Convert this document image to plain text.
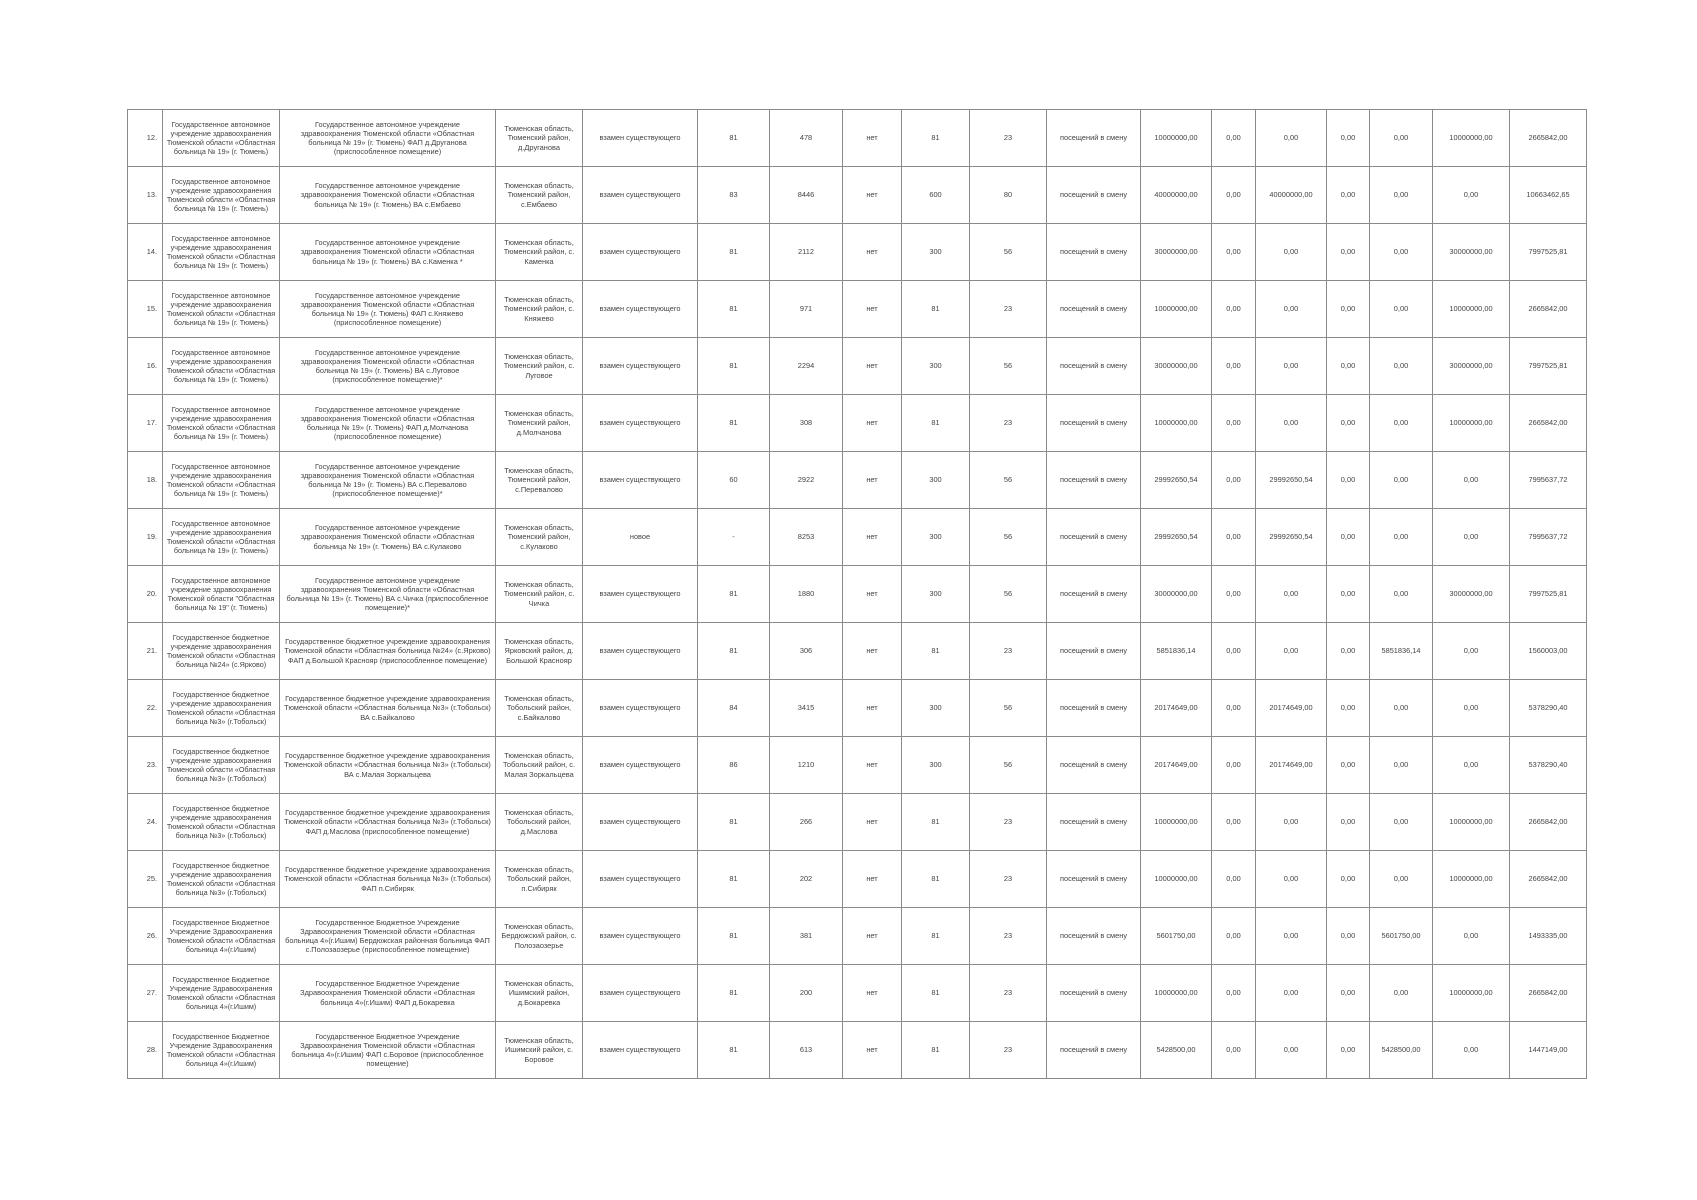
12.	Государственное автономное учреждение здравоохранения Тюменской области «Областная больница № 19» (г. Тюмень)	Государственное автономное учреждение здравоохранения Тюменской области «Областная больница № 19» (г. Тюмень) ФАП д.Друганова (приспособленное помещение)	Тюменская область, Тюменский район, д.Друганова	взамен существующего	81	478	нет	81	23	посещений в смену	10000000,00	0,00	0,00	0,00	0,00	10000000,00	2665842,00
13.	Государственное автономное учреждение здравоохранения Тюменской области «Областная больница № 19» (г. Тюмень)	Государственное автономное учреждение здравоохранения Тюменской области «Областная больница № 19» (г. Тюмень) ВА с.Ембаево	Тюменская область, Тюменский район, с.Ембаево	взамен существующего	83	8446	нет	600	80	посещений в смену	40000000,00	0,00	40000000,00	0,00	0,00	0,00	10663462,65
14.	Государственное автономное учреждение здравоохранения Тюменской области «Областная больница № 19» (г. Тюмень)	Государственное автономное учреждение здравоохранения Тюменской области «Областная больница № 19» (г. Тюмень) ВА с.Каменка *	Тюменская область, Тюменский район, с. Каменка	взамен существующего	81	2112	нет	300	56	посещений в смену	30000000,00	0,00	0,00	0,00	0,00	30000000,00	7997525,81
15.	Государственное автономное учреждение здравоохранения Тюменской области «Областная больница № 19» (г. Тюмень)	Государственное автономное учреждение здравоохранения Тюменской области «Областная больница № 19» (г. Тюмень) ФАП с.Княжево (приспособленное помещение)	Тюменская область, Тюменский район, с. Княжево	взамен существующего	81	971	нет	81	23	посещений в смену	10000000,00	0,00	0,00	0,00	0,00	10000000,00	2665842,00
16.	Государственное автономное учреждение здравоохранения Тюменской области «Областная больница № 19» (г. Тюмень)	Государственное автономное учреждение здравоохранения Тюменской области «Областная больница № 19» (г. Тюмень) ВА с.Луговое (приспособленное помещение)*	Тюменская область, Тюменский район, с. Луговое	взамен существующего	81	2294	нет	300	56	посещений в смену	30000000,00	0,00	0,00	0,00	0,00	30000000,00	7997525,81
17.	Государственное автономное учреждение здравоохранения Тюменской области «Областная больница № 19» (г. Тюмень)	Государственное автономное учреждение здравоохранения Тюменской области «Областная больница № 19» (г. Тюмень) ФАП д.Молчанова (приспособленное помещение)	Тюменская область, Тюменский район, д.Молчанова	взамен существующего	81	308	нет	81	23	посещений в смену	10000000,00	0,00	0,00	0,00	0,00	10000000,00	2665842,00
18.	Государственное автономное учреждение здравоохранения Тюменской области «Областная больница № 19» (г. Тюмень)	Государственное автономное учреждение здравоохранения Тюменской области «Областная больница № 19» (г. Тюмень) ВА с.Перевалово (приспособленное помещение)*	Тюменская область, Тюменский район, с.Перевалово	взамен существующего	60	2922	нет	300	56	посещений в смену	29992650,54	0,00	29992650,54	0,00	0,00	0,00	7995637,72
19.	Государственное автономное учреждение здравоохранения Тюменской области «Областная больница № 19» (г. Тюмень)	Государственное автономное учреждение здравоохранения Тюменской области «Областная больница № 19» (г. Тюмень) ВА с.Кулаково	Тюменская область, Тюменский район, с.Кулаково	новое	-	8253	нет	300	56	посещений в смену	29992650,54	0,00	29992650,54	0,00	0,00	0,00	7995637,72
20.	Государственное автономное учреждение здравоохранения Тюменской области "Областная больница № 19" (г. Тюмень)	Государственное автономное учреждение здравоохранения Тюменской области «Областная больница № 19» (г. Тюмень) ВА с.Чичка (приспособленное помещение)*	Тюменская область, Тюменский район, с. Чичка	взамен существующего	81	1880	нет	300	56	посещений в смену	30000000,00	0,00	0,00	0,00	0,00	30000000,00	7997525,81
21.	Государственное бюджетное учреждение здравоохранения Тюменской области «Областная больница №24» (с.Ярково)	Государственное бюджетное учреждение здравоохранения Тюменской области «Областная больница №24» (с.Ярково) ФАП д.Большой Краснояр (приспособленное помещение)	Тюменская область, Ярковский район, д. Большой Краснояр	взамен существующего	81	306	нет	81	23	посещений в смену	5851836,14	0,00	0,00	0,00	5851836,14	0,00	1560003,00
22.	Государственное бюджетное учреждение здравоохранения Тюменской области «Областная больница №3» (г.Тобольск)	Государственное бюджетное учреждение здравоохранения Тюменской области «Областная больница №3» (г.Тобольск) ВА с.Байкалово	Тюменская область, Тобольский район, с.Байкалово	взамен существующего	84	3415	нет	300	56	посещений в смену	20174649,00	0,00	20174649,00	0,00	0,00	0,00	5378290,40
23.	Государственное бюджетное учреждение здравоохранения Тюменской области «Областная больница №3» (г.Тобольск)	Государственное бюджетное учреждение здравоохранения Тюменской области «Областная больница №3» (г.Тобольск) ВА с.Малая Зоркальцева	Тюменская область, Тобольский район, с. Малая Зоркальцева	взамен существующего	86	1210	нет	300	56	посещений в смену	20174649,00	0,00	20174649,00	0,00	0,00	0,00	5378290,40
24.	Государственное бюджетное учреждение здравоохранения Тюменской области «Областная больница №3» (г.Тобольск)	Государственное бюджетное учреждение здравоохранения Тюменской области «Областная больница №3» (г.Тобольск) ФАП д.Маслова (приспособленное помещение)	Тюменская область, Тобольский район, д.Маслова	взамен существующего	81	266	нет	81	23	посещений в смену	10000000,00	0,00	0,00	0,00	0,00	10000000,00	2665842,00
25.	Государственное бюджетное учреждение здравоохранения Тюменской области «Областная больница №3» (г.Тобольск)	Государственное бюджетное учреждение здравоохранения Тюменской области «Областная больница №3» (г.Тобольск) ФАП п.Сибиряк	Тюменская область, Тобольский район, п.Сибиряк	взамен существующего	81	202	нет	81	23	посещений в смену	10000000,00	0,00	0,00	0,00	0,00	10000000,00	2665842,00
26.	Государственное Бюджетное Учреждение Здравоохранения Тюменской области «Областная больница 4»(г.Ишим)	Государственное Бюджетное Учреждение Здравоохранения Тюменской области «Областная больница 4»(г.Ишим) Бердюжская районная больница ФАП с.Полозаозерье (приспособленное помещение)	Тюменская область, Бердюжский район, с. Полозаозерье	взамен существующего	81	381	нет	81	23	посещений в смену	5601750,00	0,00	0,00	0,00	5601750,00	0,00	1493335,00
27.	Государственное Бюджетное Учреждение Здравоохранения Тюменской области «Областная больница 4»(г.Ишим)	Государственное Бюджетное Учреждение Здравоохранения Тюменской области «Областная больница 4»(г.Ишим) ФАП д.Бокаревка	Тюменская область, Ишимский район, д.Бокаревка	взамен существующего	81	200	нет	81	23	посещений в смену	10000000,00	0,00	0,00	0,00	0,00	10000000,00	2665842,00
28.	Государственное Бюджетное Учреждение Здравоохранения Тюменской области «Областная больница 4»(г.Ишим)	Государственное Бюджетное Учреждение Здравоохранения Тюменской области «Областная больница 4»(г.Ишим) ФАП с.Боровое (приспособленное помещение)	Тюменская область, Ишимский район, с. Боровое	взамен существующего	81	613	нет	81	23	посещений в смену	5428500,00	0,00	0,00	0,00	5428500,00	0,00	1447149,00
